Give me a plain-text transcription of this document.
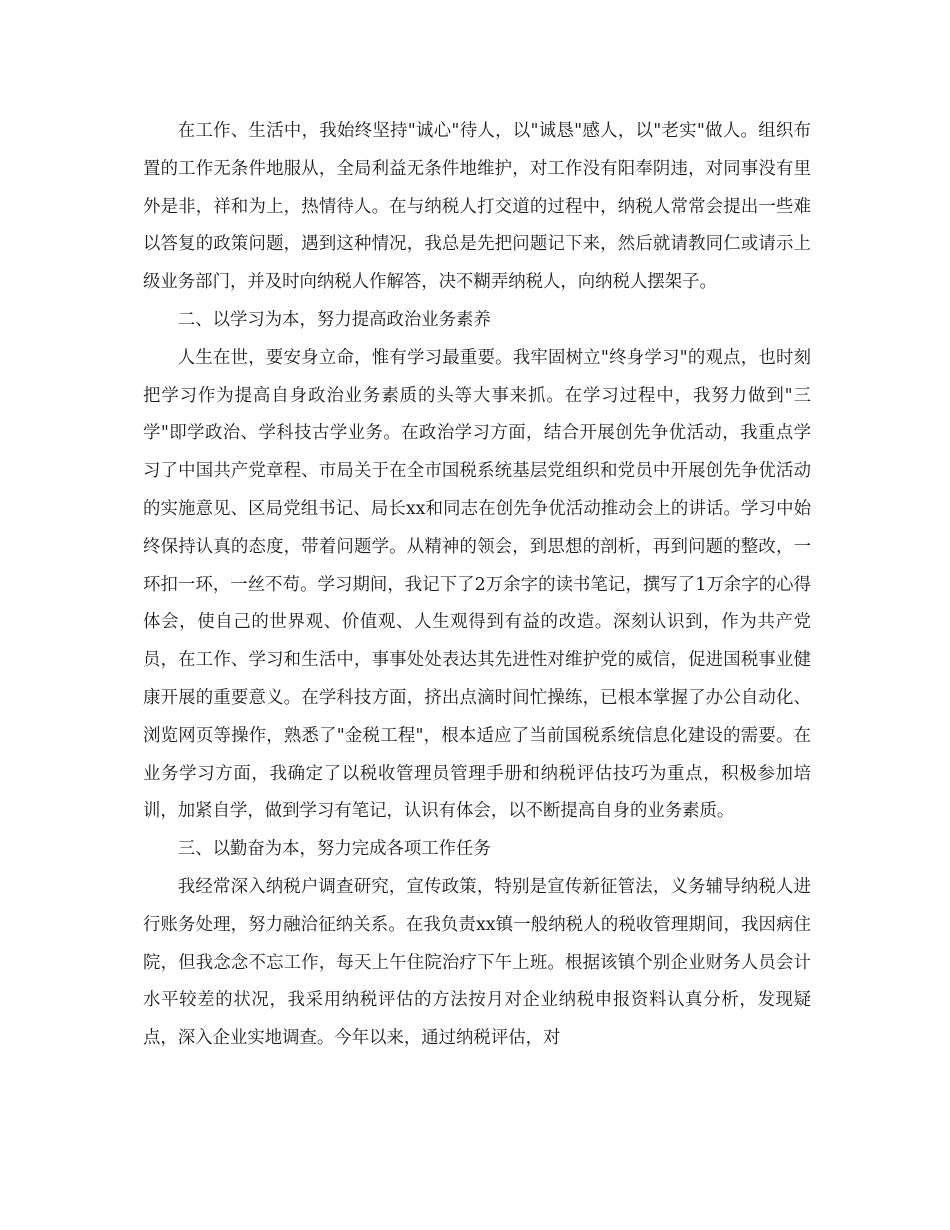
在工作、生活中，我始终坚持"诚心"待人，以"诚恳"感人，以"老实"做人。组织布置的工作无条件地服从，全局利益无条件地维护，对工作没有阳奉阴违，对同事没有里外是非，祥和为上，热情待人。在与纳税人打交道的过程中，纳税人常常会提出一些难以答复的政策问题，遇到这种情况，我总是先把问题记下来，然后就请教同仁或请示上级业务部门，并及时向纳税人作解答，决不糊弄纳税人，向纳税人摆架子。

二、以学习为本，努力提高政治业务素养

人生在世，要安身立命，惟有学习最重要。我牢固树立"终身学习"的观点，也时刻把学习作为提高自身政治业务素质的头等大事来抓。在学习过程中，我努力做到"三学"即学政治、学科技古学业务。在政治学习方面，结合开展创先争优活动，我重点学习了中国共产党章程、市局关于在全市国税系统基层党组织和党员中开展创先争优活动的实施意见、区局党组书记、局长xx和同志在创先争优活动推动会上的讲话。学习中始终保持认真的态度，带着问题学。从精神的领会，到思想的剖析，再到问题的整改，一环扣一环，一丝不苟。学习期间，我记下了2万余字的读书笔记，撰写了1万余字的心得体会，使自己的世界观、价值观、人生观得到有益的改造。深刻认识到，作为共产党员，在工作、学习和生活中，事事处处表达其先进性对维护党的威信，促进国税事业健康开展的重要意义。在学科技方面，挤出点滴时间忙操练，已根本掌握了办公自动化、浏览网页等操作，熟悉了"金税工程"，根本适应了当前国税系统信息化建设的需要。在业务学习方面，我确定了以税收管理员管理手册和纳税评估技巧为重点，积极参加培训，加紧自学，做到学习有笔记，认识有体会，以不断提高自身的业务素质。

三、以勤奋为本，努力完成各项工作任务

我经常深入纳税户调查研究，宣传政策，特别是宣传新征管法，义务辅导纳税人进行账务处理，努力融洽征纳关系。在我负责xx镇一般纳税人的税收管理期间，我因病住院，但我念念不忘工作，每天上午住院治疗下午上班。根据该镇个别企业财务人员会计水平较差的状况，我采用纳税评估的方法按月对企业纳税申报资料认真分析，发现疑点，深入企业实地调查。今年以来，通过纳税评估，对
